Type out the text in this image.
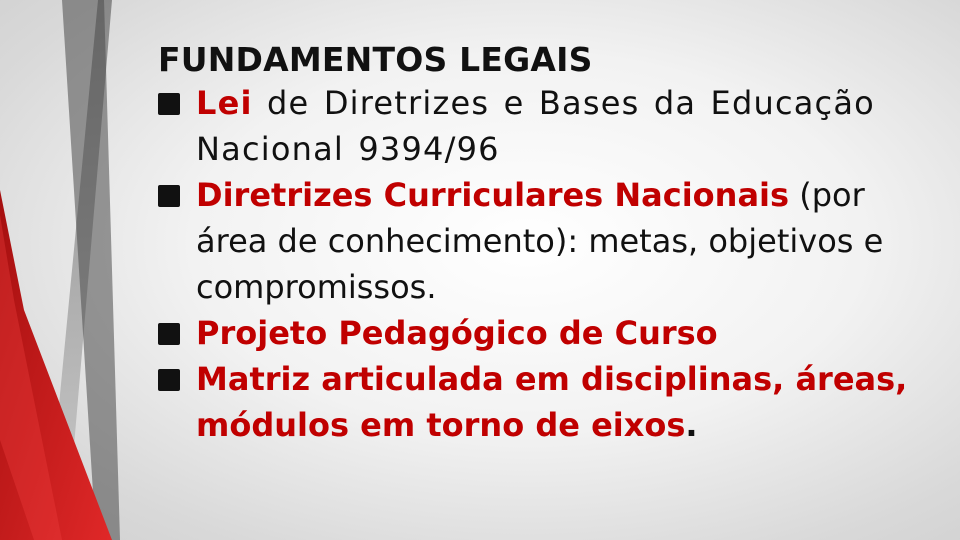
FUNDAMENTOS LEGAIS
Lei de Diretrizes e Bases da Educação Nacional 9394/96
Diretrizes Curriculares Nacionais (por área de conhecimento): metas, objetivos e compromissos.
Projeto Pedagógico de Curso
Matriz articulada em disciplinas, áreas, módulos em torno de eixos.
